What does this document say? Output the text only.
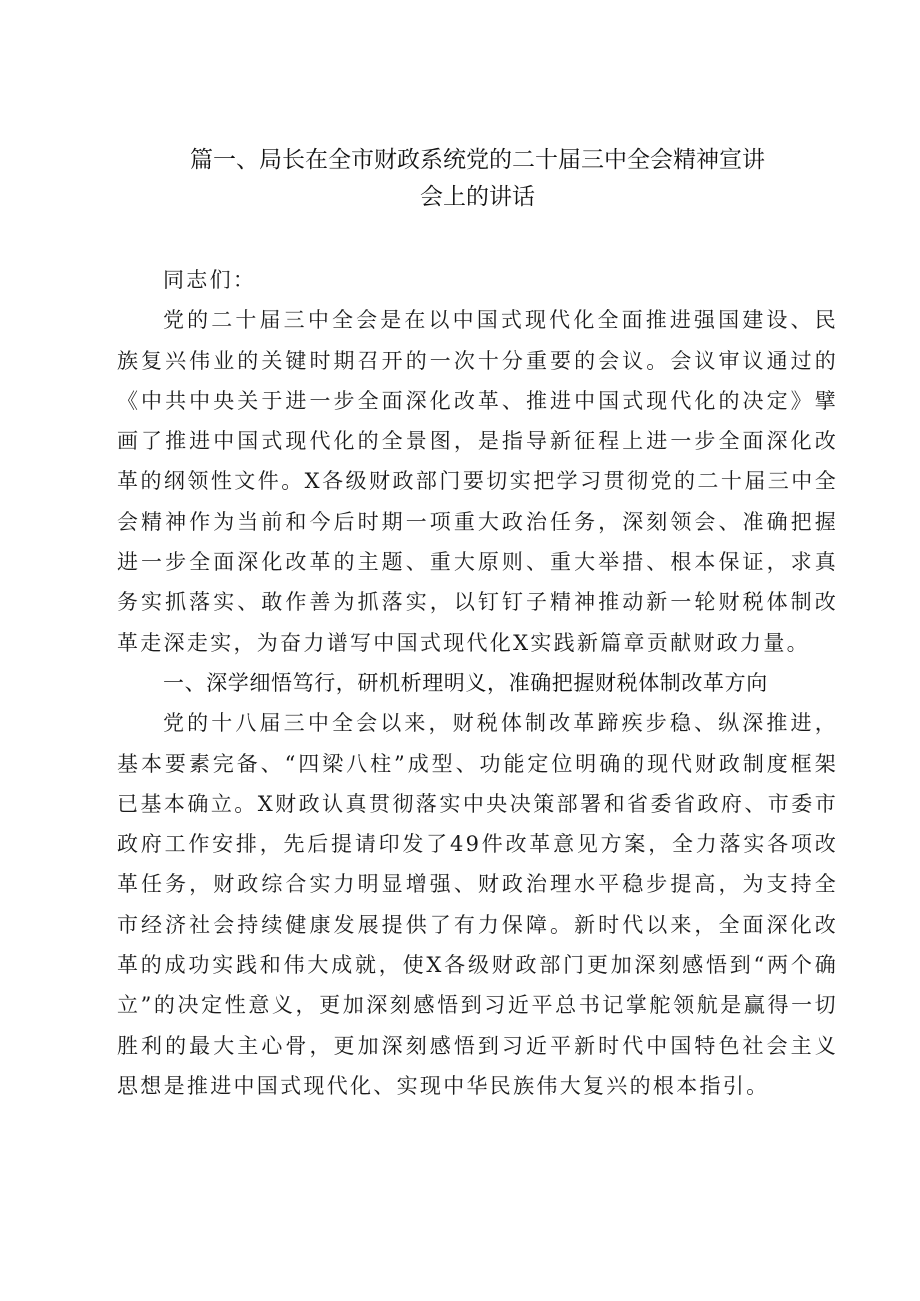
篇一、局长在全市财政系统党的二十届三中全会精神宣讲
会上的讲话

同志们：

党的二十届三中全会是在以中国式现代化全面推进强国建设、民族复兴伟业的关键时期召开的一次十分重要的会议。会议审议通过的《中共中央关于进一步全面深化改革、推进中国式现代化的决定》擘画了推进中国式现代化的全景图，是指导新征程上进一步全面深化改革的纲领性文件。X各级财政部门要切实把学习贯彻党的二十届三中全会精神作为当前和今后时期一项重大政治任务，深刻领会、准确把握进一步全面深化改革的主题、重大原则、重大举措、根本保证，求真务实抓落实、敢作善为抓落实，以钉钉子精神推动新一轮财税体制改革走深走实，为奋力谱写中国式现代化X实践新篇章贡献财政力量。

一、深学细悟笃行，研机析理明义，准确把握财税体制改革方向

党的十八届三中全会以来，财税体制改革蹄疾步稳、纵深推进，基本要素完备、“四梁八柱”成型、功能定位明确的现代财政制度框架已基本确立。X财政认真贯彻落实中央决策部署和省委省政府、市委市政府工作安排，先后提请印发了49件改革意见方案，全力落实各项改革任务，财政综合实力明显增强、财政治理水平稳步提高，为支持全市经济社会持续健康发展提供了有力保障。新时代以来，全面深化改革的成功实践和伟大成就，使X各级财政部门更加深刻感悟到“两个确立”的决定性意义，更加深刻感悟到习近平总书记掌舵领航是赢得一切胜利的最大主心骨，更加深刻感悟到习近平新时代中国特色社会主义思想是推进中国式现代化、实现中华民族伟大复兴的根本指引。
